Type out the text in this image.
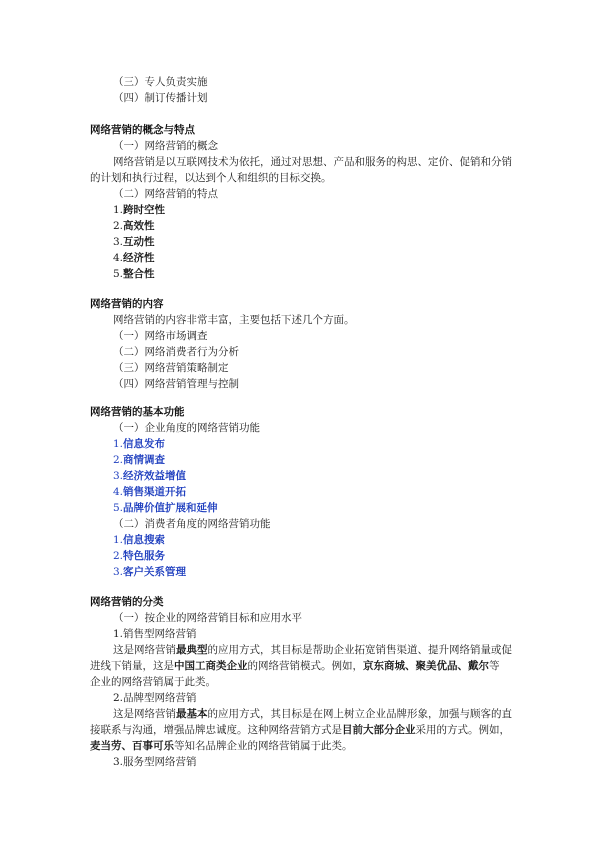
（三）专人负责实施
（四）制订传播计划
网络营销的概念与特点
（一）网络营销的概念
网络营销是以互联网技术为依托，通过对思想、产品和服务的构思、定价、促销和分销
的计划和执行过程，以达到个人和组织的目标交换。
（二）网络营销的特点
1.跨时空性
2.高效性
3.互动性
4.经济性
5.整合性
网络营销的内容
网络营销的内容非常丰富，主要包括下述几个方面。
（一）网络市场调查
（二）网络消费者行为分析
（三）网络营销策略制定
（四）网络营销管理与控制
网络营销的基本功能
（一）企业角度的网络营销功能
1.信息发布
2.商情调查
3.经济效益增值
4.销售渠道开拓
5.品牌价值扩展和延伸
（二）消费者角度的网络营销功能
1.信息搜索
2.特色服务
3.客户关系管理
网络营销的分类
（一）按企业的网络营销目标和应用水平
1.销售型网络营销
这是网络营销最典型的应用方式，其目标是帮助企业拓宽销售渠道、提升网络销量或促
进线下销量，这是中国工商类企业的网络营销模式。例如，京东商城、聚美优品、戴尔等
企业的网络营销属于此类。
2.品牌型网络营销
这是网络营销最基本的应用方式，其目标是在网上树立企业品牌形象，加强与顾客的直
接联系与沟通，增强品牌忠诚度。这种网络营销方式是目前大部分企业采用的方式。例如，
麦当劳、百事可乐等知名品牌企业的网络营销属于此类。
3.服务型网络营销
